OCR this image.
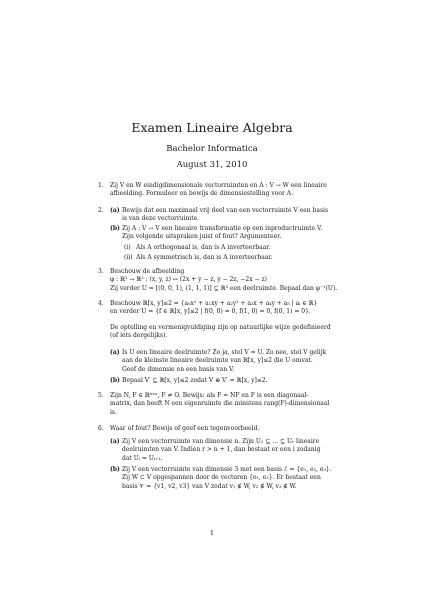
Examen Lineaire Algebra
Bachelor Informatica
August 31, 2010
1. Zij V en W eindigdimensionale vectorruimten en A : V → W een lineaire
afbeelding. Formuleer en bewijs de dimensiestelling voor A.
2. (a) Bewijs dat een maximaal vrij deel van een vectorruimte V een basis
is van deze vectorruimte.
(b) Zij A : V → V een lineaire transformatie op een inproductruimte V.
Zijn volgende uitspraken juist of fout? Argumenteer.
(i) Als A orthogonaal is, dan is A inverteerbaar.
(ii) Als A symmetrisch is, dan is A inverteerbaar.
3. Beschouw de afbeelding
φ : ℝ³ → ℝ² : (x, y, z) ↦ (2x + y − z, y − 2z, −2x − z)
Zij verder U = [(0, 0, 1), (1, 1, 1)] ⊆ ℝ³ een deelruimte. Bepaal dan φ⁻¹(U).
4. Beschouw ℝ[x, y]≤2 = {a₀x² + a₁xy + a₂y² + a₃x + a₄y + a₅ | aᵢ ∈ ℝ}
en verder U = {f ∈ ℝ[x, y]≤2 | f(0, 0) = 0, f(1, 0) = 0, f(0, 1) = 0}.
De optelling en vermenigvuldiging zijn op natuurlijke wijze gedefinieerd
(of iets dergelijks).
(a) Is U een lineaire deelruimte? Zo ja, stel V = U. Zo nee, stel V gelijk
aan de kleinste lineaire deelruimte van ℝ[x, y]≤2 die U omvat.
Geef de dimensie en een basis van V.
(b) Bepaal V′ ⊆ ℝ[x, y]≤2 zodat V ⊕ V′ = ℝ[x, y]≤2.
5. Zijn N, F ∈ ℝⁿˣⁿ, F ≠ O. Bewijs: als F = NF en F is een diagonaal-
matrix, dan heeft N een eigenruimte die minstens rang(F)-dimensionaal
is.
6. Waar of fout? Bewijs of geef een tegenvoorbeeld.
(a) Zij V een vectorruimte van dimensie n. Zijn U₁ ⊆ … ⊆ Uᵣ lineaire
deelruimten van V. Indien r > n + 1, dan bestaat er een i zodanig
dat Uᵢ = Uᵢ₊₁.
(b) Zij V een vectorruimte van dimensie 3 met een basis ℰ = {e₁, e₂, e₃}.
Zij W ⊂ V opgespannen door de vectoren {e₁, e₂}. Er bestaat een
basis 𝒱 = {v1, v2, v3} van V zodat v₁ ∉ W, v₂ ∉ W, v₃ ∉ W.
1
